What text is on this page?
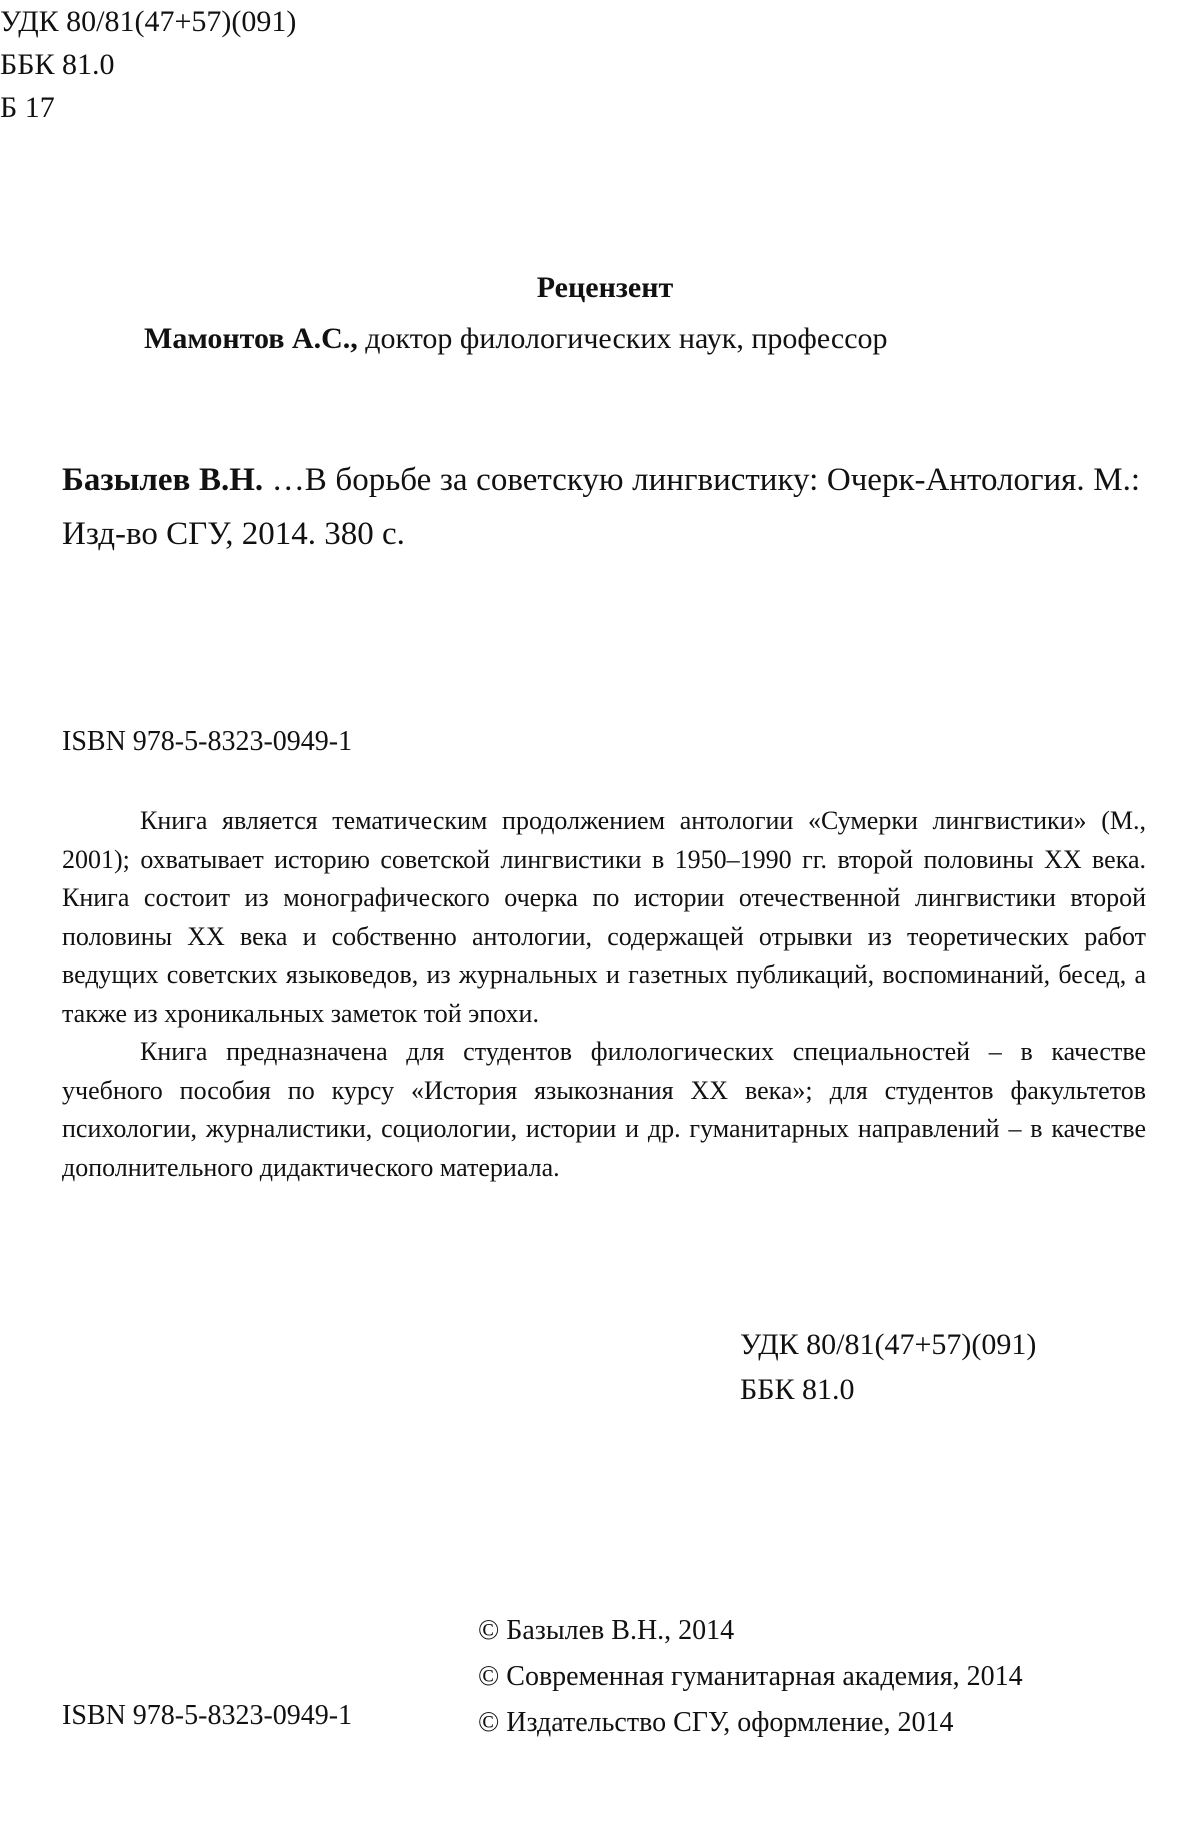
УДК 80/81(47+57)(091)
ББК 81.0
Б 17
Рецензент
Мамонтов А.С., доктор филологических наук, профессор
Базылев В.Н. …В борьбе за советскую лингвистику: Очерк-Антология. М.: Изд-во СГУ, 2014. 380 с.
ISBN 978-5-8323-0949-1

Книга является тематическим продолжением антологии «Сумерки лингвистики» (М., 2001); охватывает историю советской лингвистики в 1950–1990 гг. второй половины XX века. Книга состоит из монографического очерка по истории отечественной лингвистики второй половины XX века и собственно антологии, содержащей отрывки из теоретических работ ведущих советских языковедов, из журнальных и газетных публикаций, воспоминаний, бесед, а также из хроникальных заметок той эпохи.

Книга предназначена для студентов филологических специальностей – в качестве учебного пособия по курсу «История языкознания XX века»; для студентов факультетов психологии, журналистики, социологии, истории и др. гуманитарных направлений – в качестве дополнительного дидактического материала.

УДК 80/81(47+57)(091)
ББК 81.0
© Базылев В.Н., 2014
© Современная гуманитарная академия, 2014
© Издательство СГУ, оформление, 2014
ISBN 978-5-8323-0949-1
